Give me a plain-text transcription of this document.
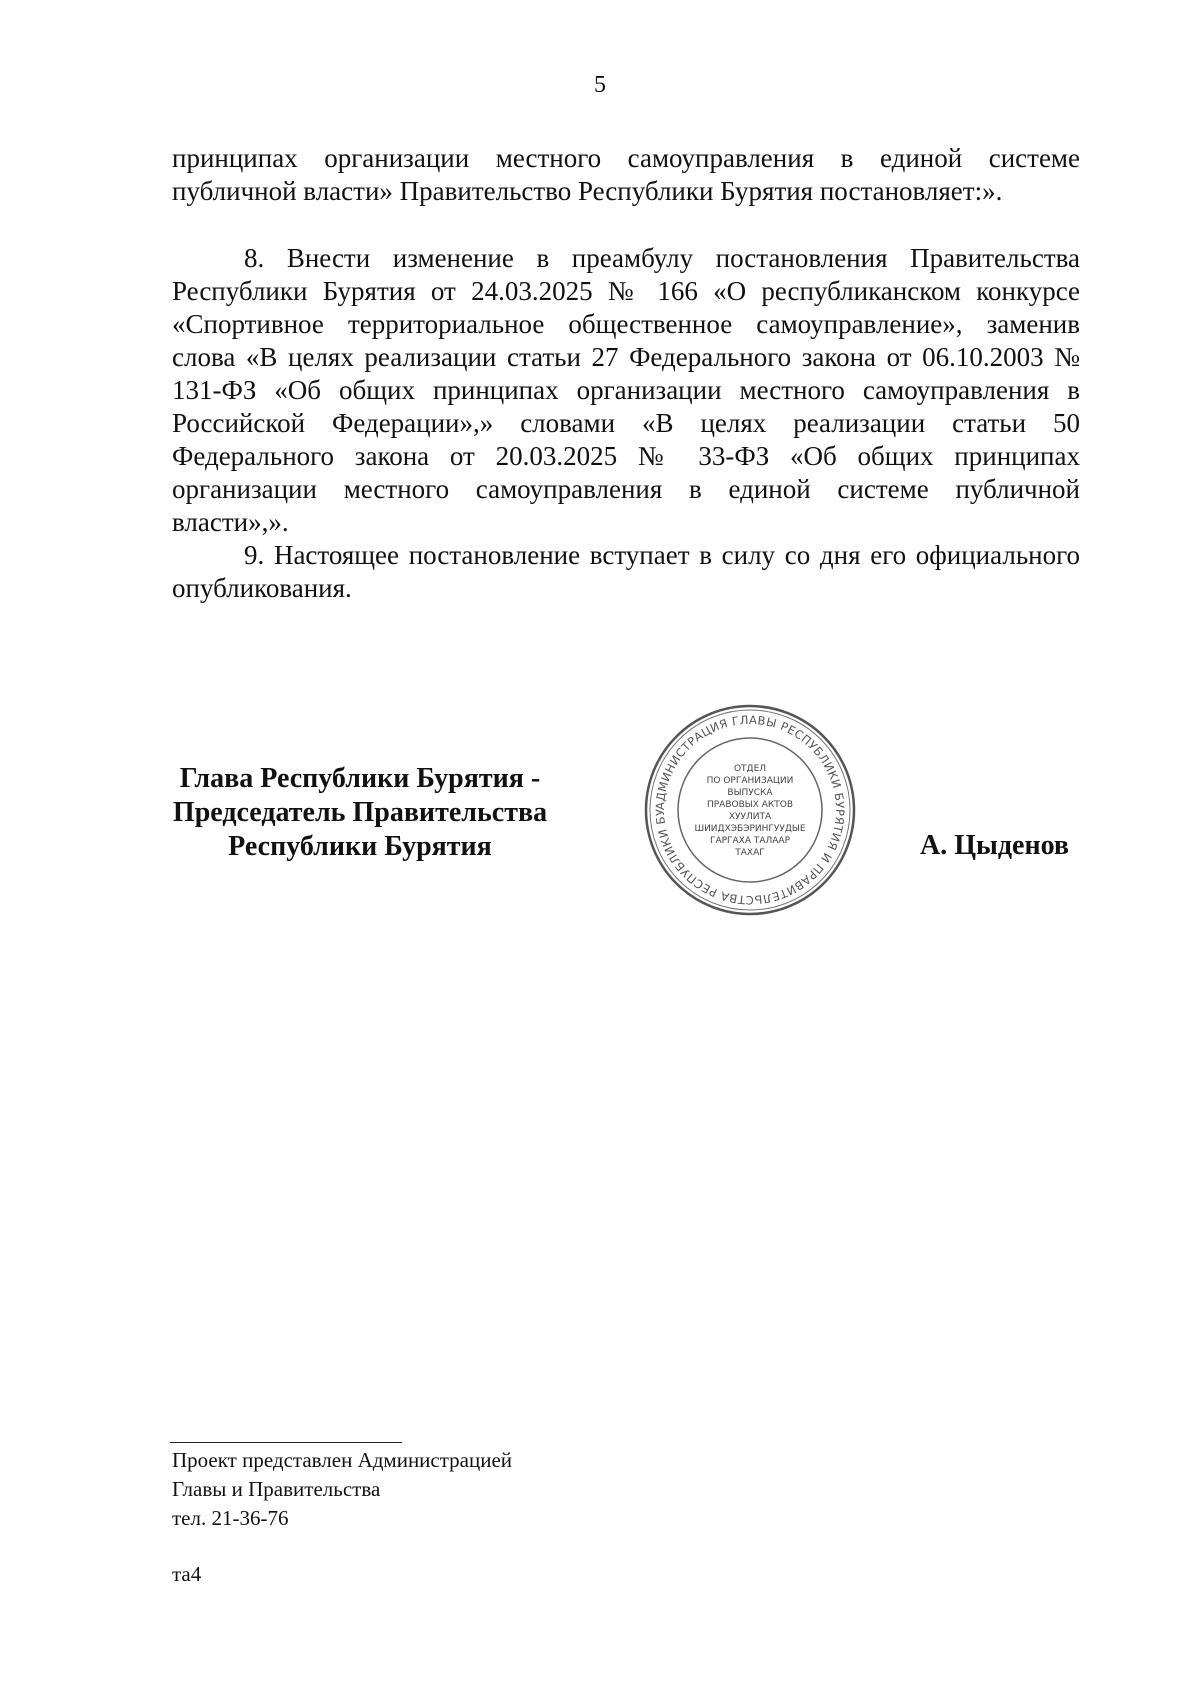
5

принципах организации местного самоуправления в единой системе публичной власти» Правительство Республики Бурятия постановляет:».

8. Внести изменение в преамбулу постановления Правительства Республики Бурятия от 24.03.2025 № 166 «О республиканском конкурсе «Спортивное территориальное общественное самоуправление», заменив слова «В целях реализации статьи 27 Федерального закона от 06.10.2003 № 131-ФЗ «Об общих принципах организации местного самоуправления в Российской Федерации»,» словами «В целях реализации статьи 50 Федерального закона от 20.03.2025 № 33-ФЗ «Об общих принципах организации местного самоуправления в единой системе публичной власти»,».

9. Настоящее постановление вступает в силу со дня его официального опубликования.

Глава Республики Бурятия -
Председатель Правительства
Республики Бурятия
АДМИНИСТРАЦИЯ ГЛАВЫ РЕСПУБЛИКИ БУРЯТИЯ И ПРАВИТЕЛЬСТВА РЕСПУБЛИКИ БУ
ОТДЕЛ
ПО ОРГАНИЗАЦИИ
ВЫПУСКА
ПРАВОВЫХ АКТОВ
ХУУЛИТА
ШИИДХЭБЭРИНГУУДЫЕ
ГАРГАХА ТАЛААР
ТАХАГ	А. Цыденов
Проект представлен Администрацией
Главы и Правительства
тел. 21-36-76
та4
